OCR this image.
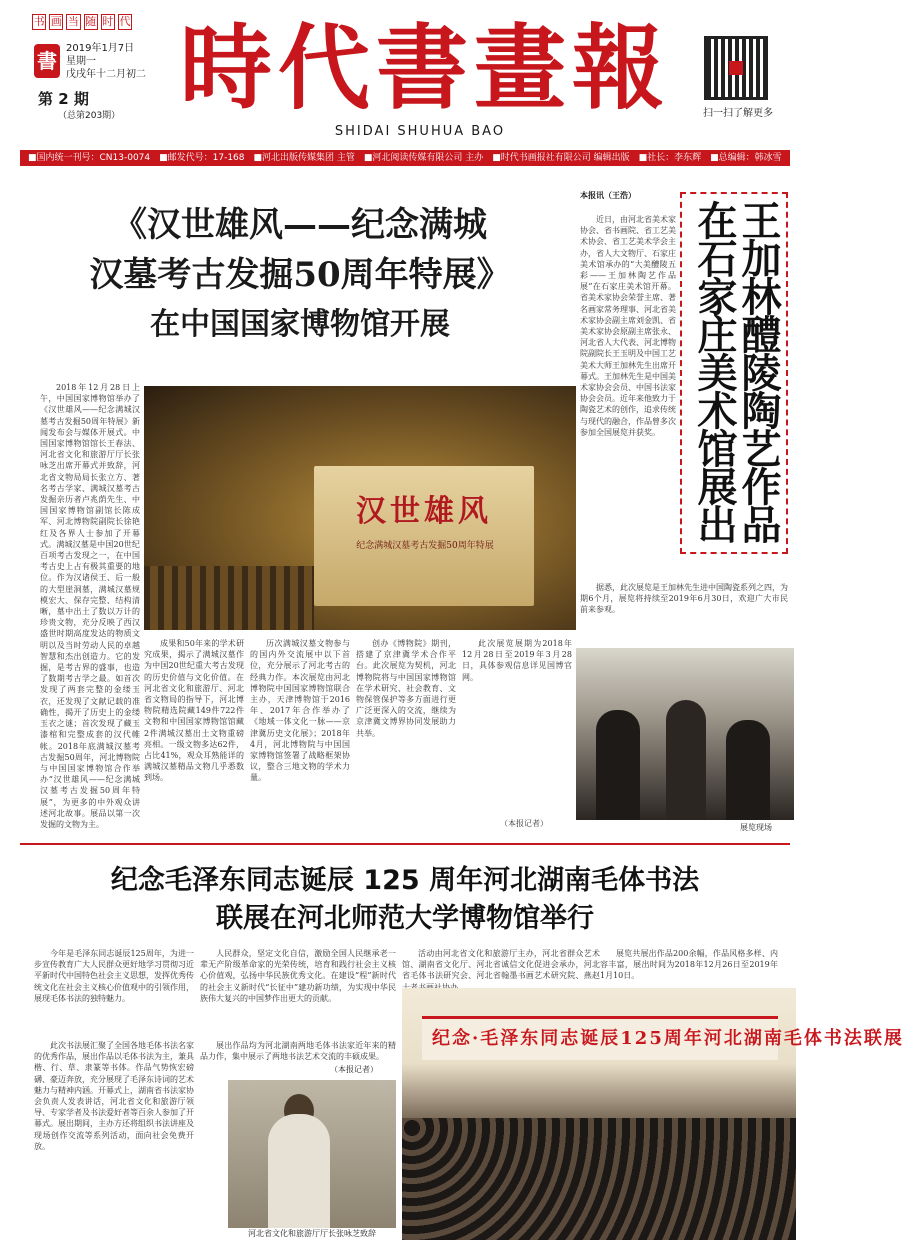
书 画 当 随 时 代
書
2019年1月7日
星期一
戊戌年十二月初二
第 2 期
（总第203期） 時代書畫報
SHIDAI SHUHUA BAO
扫一扫了解更多
■国内统一刊号：CN13-0074　■邮发代号：17-168　■河北出版传媒集团 主管　■河北阅读传媒有限公司 主办　■时代书画报社有限公司 编辑出版　■社长：李东辉　■总编辑：韩冰雪
《汉世雄风——纪念满城
汉墓考古发掘50周年特展》
在中国国家博物馆开展
2018年12月28日上午，中国国家博物馆举办了《汉世雄风——纪念满城汉墓考古发掘50周年特展》新闻发布会与媒体开展式。中国国家博物馆馆长王春法、河北省文化和旅游厅厅长张咏芝出席开幕式并致辞，河北省文物局局长张立方、著名考古学家、满城汉墓考古发掘亲历者卢兆荫先生、中国国家博物馆副馆长陈成军、河北博物院副院长徐艳红及各界人士参加了开幕式。满城汉墓是中国20世纪百项考古发现之一，在中国考古史上占有极其重要的地位。作为汉诸侯王、后一般的大型崖洞墓，满城汉墓规模宏大、保存完整、结构清晰，墓中出土了数以万计的珍贵文物，充分反映了西汉盛世时期高度发达的物质文明以及当时劳动人民的卓越智慧和杰出创造力。它的发掘，是考古界的盛事，也造了数期考古学之最。如首次发现了两套完整的金缕玉衣，还发现了文献记载的准确性，揭开了历史上的金缕玉衣之谜；首次发现了藏玉漆棺和完整成套的汉代帷帐。2018年底满城汉墓考古发掘50周年，河北博物院与中国国家博物馆合作举办“汉世雄风——纪念满城汉墓考古发掘50周年特展”，为更多的中外观众讲述河北故事。展品以第一次发掘的文物为主。
汉世雄风
纪念满城汉墓考古发掘50周年特展
成果和50年来的学术研究成果，揭示了满城汉墓作为中国20世纪重大考古发现的历史价值与文化价值。在河北省文化和旅游厅、河北省文物局的指导下，河北博物院精选院藏149件722件文物和中国国家博物馆馆藏2件满城汉墓出土文物重磅亮相。一级文物多达62件，占比41%，观众耳熟能详的满城汉墓精品文物几乎悉数到场。
历次满城汉墓文物参与的国内外交流展中以下首位，充分展示了河北考古的经典力作。本次展览由河北博物院中国国家博物馆联合主办，天津博物馆于2016年、2017年合作举办了《地域一体文化一脉——京津冀历史文化展》；2018年4月，河北博物院与中国国家博物馆签署了战略框架协议，整合三地文物的学术力量。
创办《博物院》期刊，搭建了京津冀学术合作平台。此次展览为契机，河北博物院将与中国国家博物馆在学术研究、社会教育、文物保管保护等多方面进行更广泛更深入的交流，继续为京津冀文博界协同发展助力共举。
此次展览展期为2018年12月28日至2019年3月28日，具体参观信息详见国博官网。
（本报记者）
王加林醴陵陶艺作品在石家庄美术馆展出
本报讯（王浩）
近日，由河北省美术家协会、省书画院、省工艺美术协会、省工艺美术学会主办，省人大文物厅、石家庄美术馆承办的“大美醴陵五彩——王加林陶艺作品展”在石家庄美术馆开幕。省美术家协会荣誉主席、著名画家常务理事、河北省美术家协会副主席刘金凯、省美术家协会原副主席张永、河北省人大代表、河北博物院副院长王玉明及中国工艺美术大师王加林先生出席开幕式。王加林先生是中国美术家协会会员、中国书法家协会会员。近年来他致力于陶瓷艺术的创作，追求传统与现代的融合，作品曾多次参加全国展览并获奖。
据悉，此次展览是王加林先生进中国陶瓷系列之四，为期6个月，展览将持续至2019年6月30日，欢迎广大市民前来参观。
展览现场
纪念毛泽东同志诞辰 125 周年河北湖南毛体书法
联展在河北师范大学博物馆举行
今年是毛泽东同志诞辰125周年，为进一步宣传教育广大人民群众更好地学习贯彻习近平新时代中国特色社会主义思想，发挥优秀传统文化在社会主义核心价值观中的引领作用，展现毛体书法的独特魅力。
人民群众，坚定文化自信，激励全国人民继承老一辈无产阶级革命家的光荣传统，培育和践行社会主义核心价值观，弘扬中华民族优秀文化。在建设“程”新时代的社会主义新时代“长征中”建功新功绩，为实现中华民族伟大复兴的中国梦作出更大的贡献。
活动由河北省文化和旅游厅主办，河北省群众艺术馆、湖南省文化厅、河北省诚信文化促进会承办，河北省毛体书法研究会、河北省翰墨书画艺术研究院、燕赵
展览共展出作品200余幅，作品风格多样、内容丰富，展出时间为2018年12月26日至2019年1月10日。
此次书法展汇聚了全国各地毛体书法名家的优秀作品，展出作品以毛体书法为主，兼具楷、行、草、隶篆等书体。作品气势恢宏磅礴、豪迈奔放，充分展现了毛泽东诗词的艺术魅力与精神内涵。开幕式上，湖南省书法家协会负责人发表讲话，河北省文化和旅游厅领导、专家学者及书法爱好者等百余人参加了开幕式。展出期间，主办方还将组织书法讲座及现场创作交流等系列活动，面向社会免费开放。
展出作品均为河北湖南两地毛体书法家近年来的精品力作，集中展示了两地书法艺术交流的丰硕成果。
（本报记者）
河北省文化和旅游厅厅长张咏芝致辞
纪念·毛泽东同志诞辰125周年河北湖南毛体书法联展
